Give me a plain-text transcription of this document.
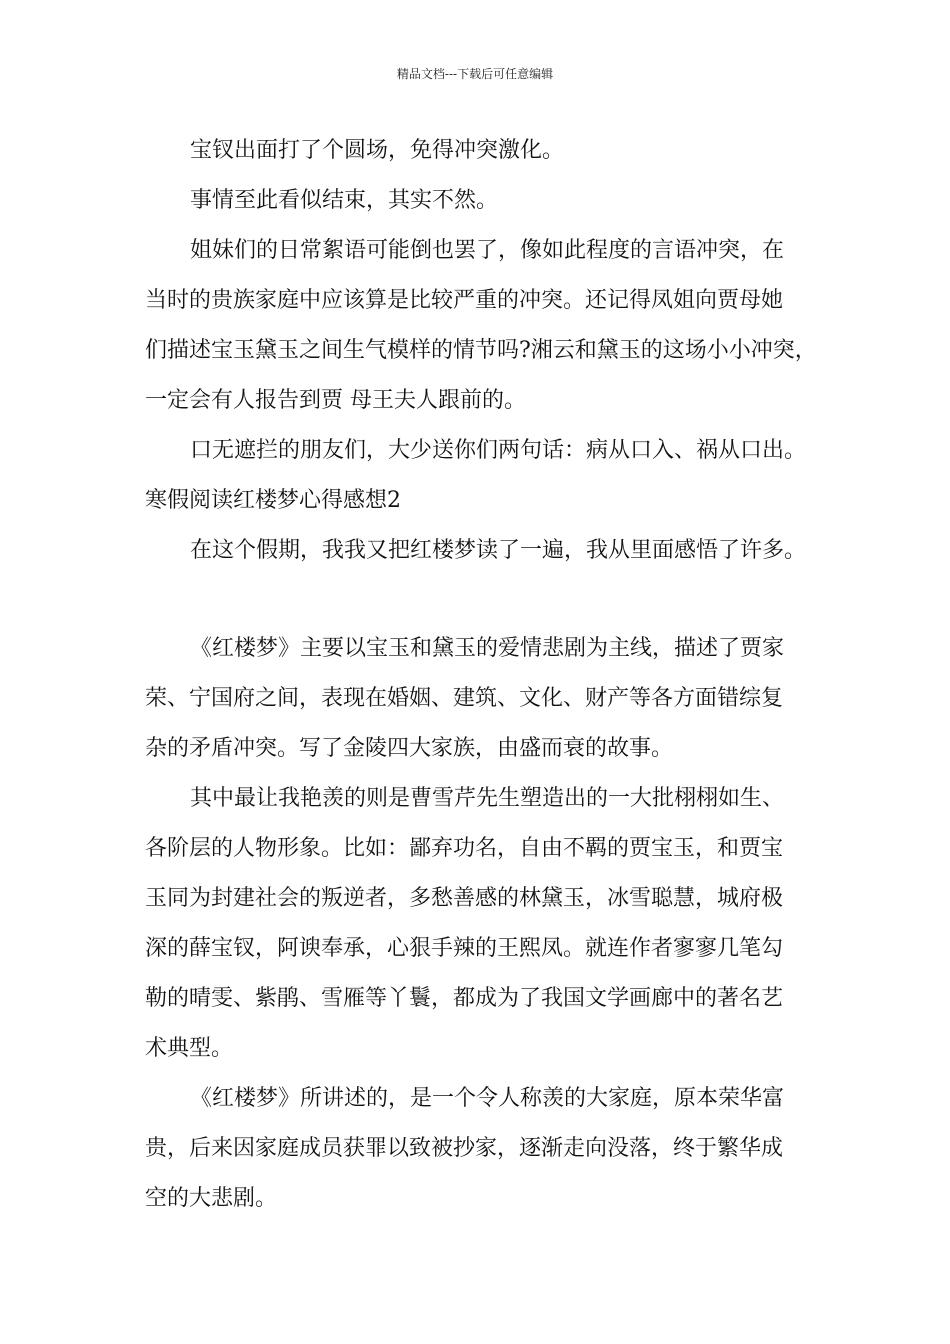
精品文档---下载后可任意编辑
宝钗出面打了个圆场，免得冲突激化。
事情至此看似结束，其实不然。
姐妹们的日常絮语可能倒也罢了，像如此程度的言语冲突，在
当时的贵族家庭中应该算是比较严重的冲突。还记得凤姐向贾母她
们描述宝玉黛玉之间生气模样的情节吗?湘云和黛玉的这场小小冲突，
一定会有人报告到贾 母王夫人跟前的。
口无遮拦的朋友们，大少送你们两句话：病从口入、祸从口出。
寒假阅读红楼梦心得感想2
在这个假期，我我又把红楼梦读了一遍，我从里面感悟了许多。
《红楼梦》主要以宝玉和黛玉的爱情悲剧为主线，描述了贾家
荣、宁国府之间，表现在婚姻、建筑、文化、财产等各方面错综复
杂的矛盾冲突。写了金陵四大家族，由盛而衰的故事。
其中最让我艳羡的则是曹雪芹先生塑造出的一大批栩栩如生、
各阶层的人物形象。比如：鄙弃功名，自由不羁的贾宝玉，和贾宝
玉同为封建社会的叛逆者，多愁善感的林黛玉，冰雪聪慧，城府极
深的薛宝钗，阿谀奉承，心狠手辣的王熙凤。就连作者寥寥几笔勾
勒的晴雯、紫鹃、雪雁等丫鬟，都成为了我国文学画廊中的著名艺
术典型。
《红楼梦》所讲述的，是一个令人称羡的大家庭，原本荣华富
贵，后来因家庭成员获罪以致被抄家，逐渐走向没落，终于繁华成
空的大悲剧。
